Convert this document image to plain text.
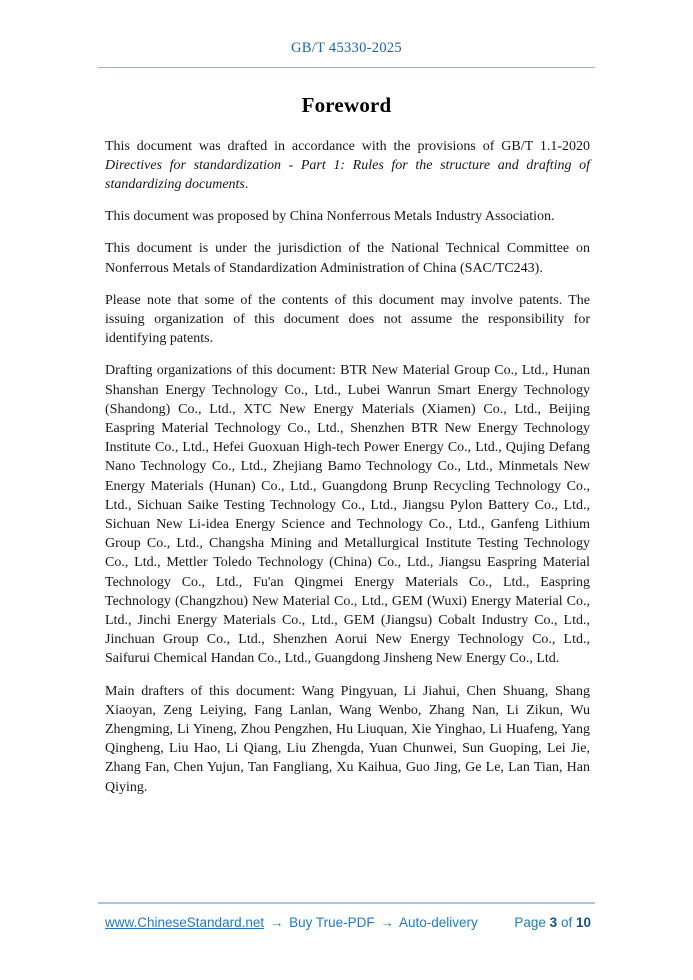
GB/T 45330-2025
Foreword

This document was drafted in accordance with the provisions of GB/T 1.1-2020 Directives for standardization - Part 1: Rules for the structure and drafting of standardizing documents.

This document was proposed by China Nonferrous Metals Industry Association.

This document is under the jurisdiction of the National Technical Committee on Nonferrous Metals of Standardization Administration of China (SAC/TC243).

Please note that some of the contents of this document may involve patents. The issuing organization of this document does not assume the responsibility for identifying patents.

Drafting organizations of this document: BTR New Material Group Co., Ltd., Hunan Shanshan Energy Technology Co., Ltd., Lubei Wanrun Smart Energy Technology (Shandong) Co., Ltd., XTC New Energy Materials (Xiamen) Co., Ltd., Beijing Easpring Material Technology Co., Ltd., Shenzhen BTR New Energy Technology Institute Co., Ltd., Hefei Guoxuan High-tech Power Energy Co., Ltd., Qujing Defang Nano Technology Co., Ltd., Zhejiang Bamo Technology Co., Ltd., Minmetals New Energy Materials (Hunan) Co., Ltd., Guangdong Brunp Recycling Technology Co., Ltd., Sichuan Saike Testing Technology Co., Ltd., Jiangsu Pylon Battery Co., Ltd., Sichuan New Li-idea Energy Science and Technology Co., Ltd., Ganfeng Lithium Group Co., Ltd., Changsha Mining and Metallurgical Institute Testing Technology Co., Ltd., Mettler Toledo Technology (China) Co., Ltd., Jiangsu Easpring Material Technology Co., Ltd., Fu'an Qingmei Energy Materials Co., Ltd., Easpring Technology (Changzhou) New Material Co., Ltd., GEM (Wuxi) Energy Material Co., Ltd., Jinchi Energy Materials Co., Ltd., GEM (Jiangsu) Cobalt Industry Co., Ltd., Jinchuan Group Co., Ltd., Shenzhen Aorui New Energy Technology Co., Ltd., Saifurui Chemical Handan Co., Ltd., Guangdong Jinsheng New Energy Co., Ltd.

Main drafters of this document: Wang Pingyuan, Li Jiahui, Chen Shuang, Shang Xiaoyan, Zeng Leiying, Fang Lanlan, Wang Wenbo, Zhang Nan, Li Zikun, Wu Zhengming, Li Yineng, Zhou Pengzhen, Hu Liuquan, Xie Yinghao, Li Huafeng, Yang Qingheng, Liu Hao, Li Qiang, Liu Zhengda, Yuan Chunwei, Sun Guoping, Lei Jie, Zhang Fan, Chen Yujun, Tan Fangliang, Xu Kaihua, Guo Jing, Ge Le, Lan Tian, Han Qiying.

www.ChineseStandard.net → Buy True-PDF → Auto-delivery	Page 3 of 10
